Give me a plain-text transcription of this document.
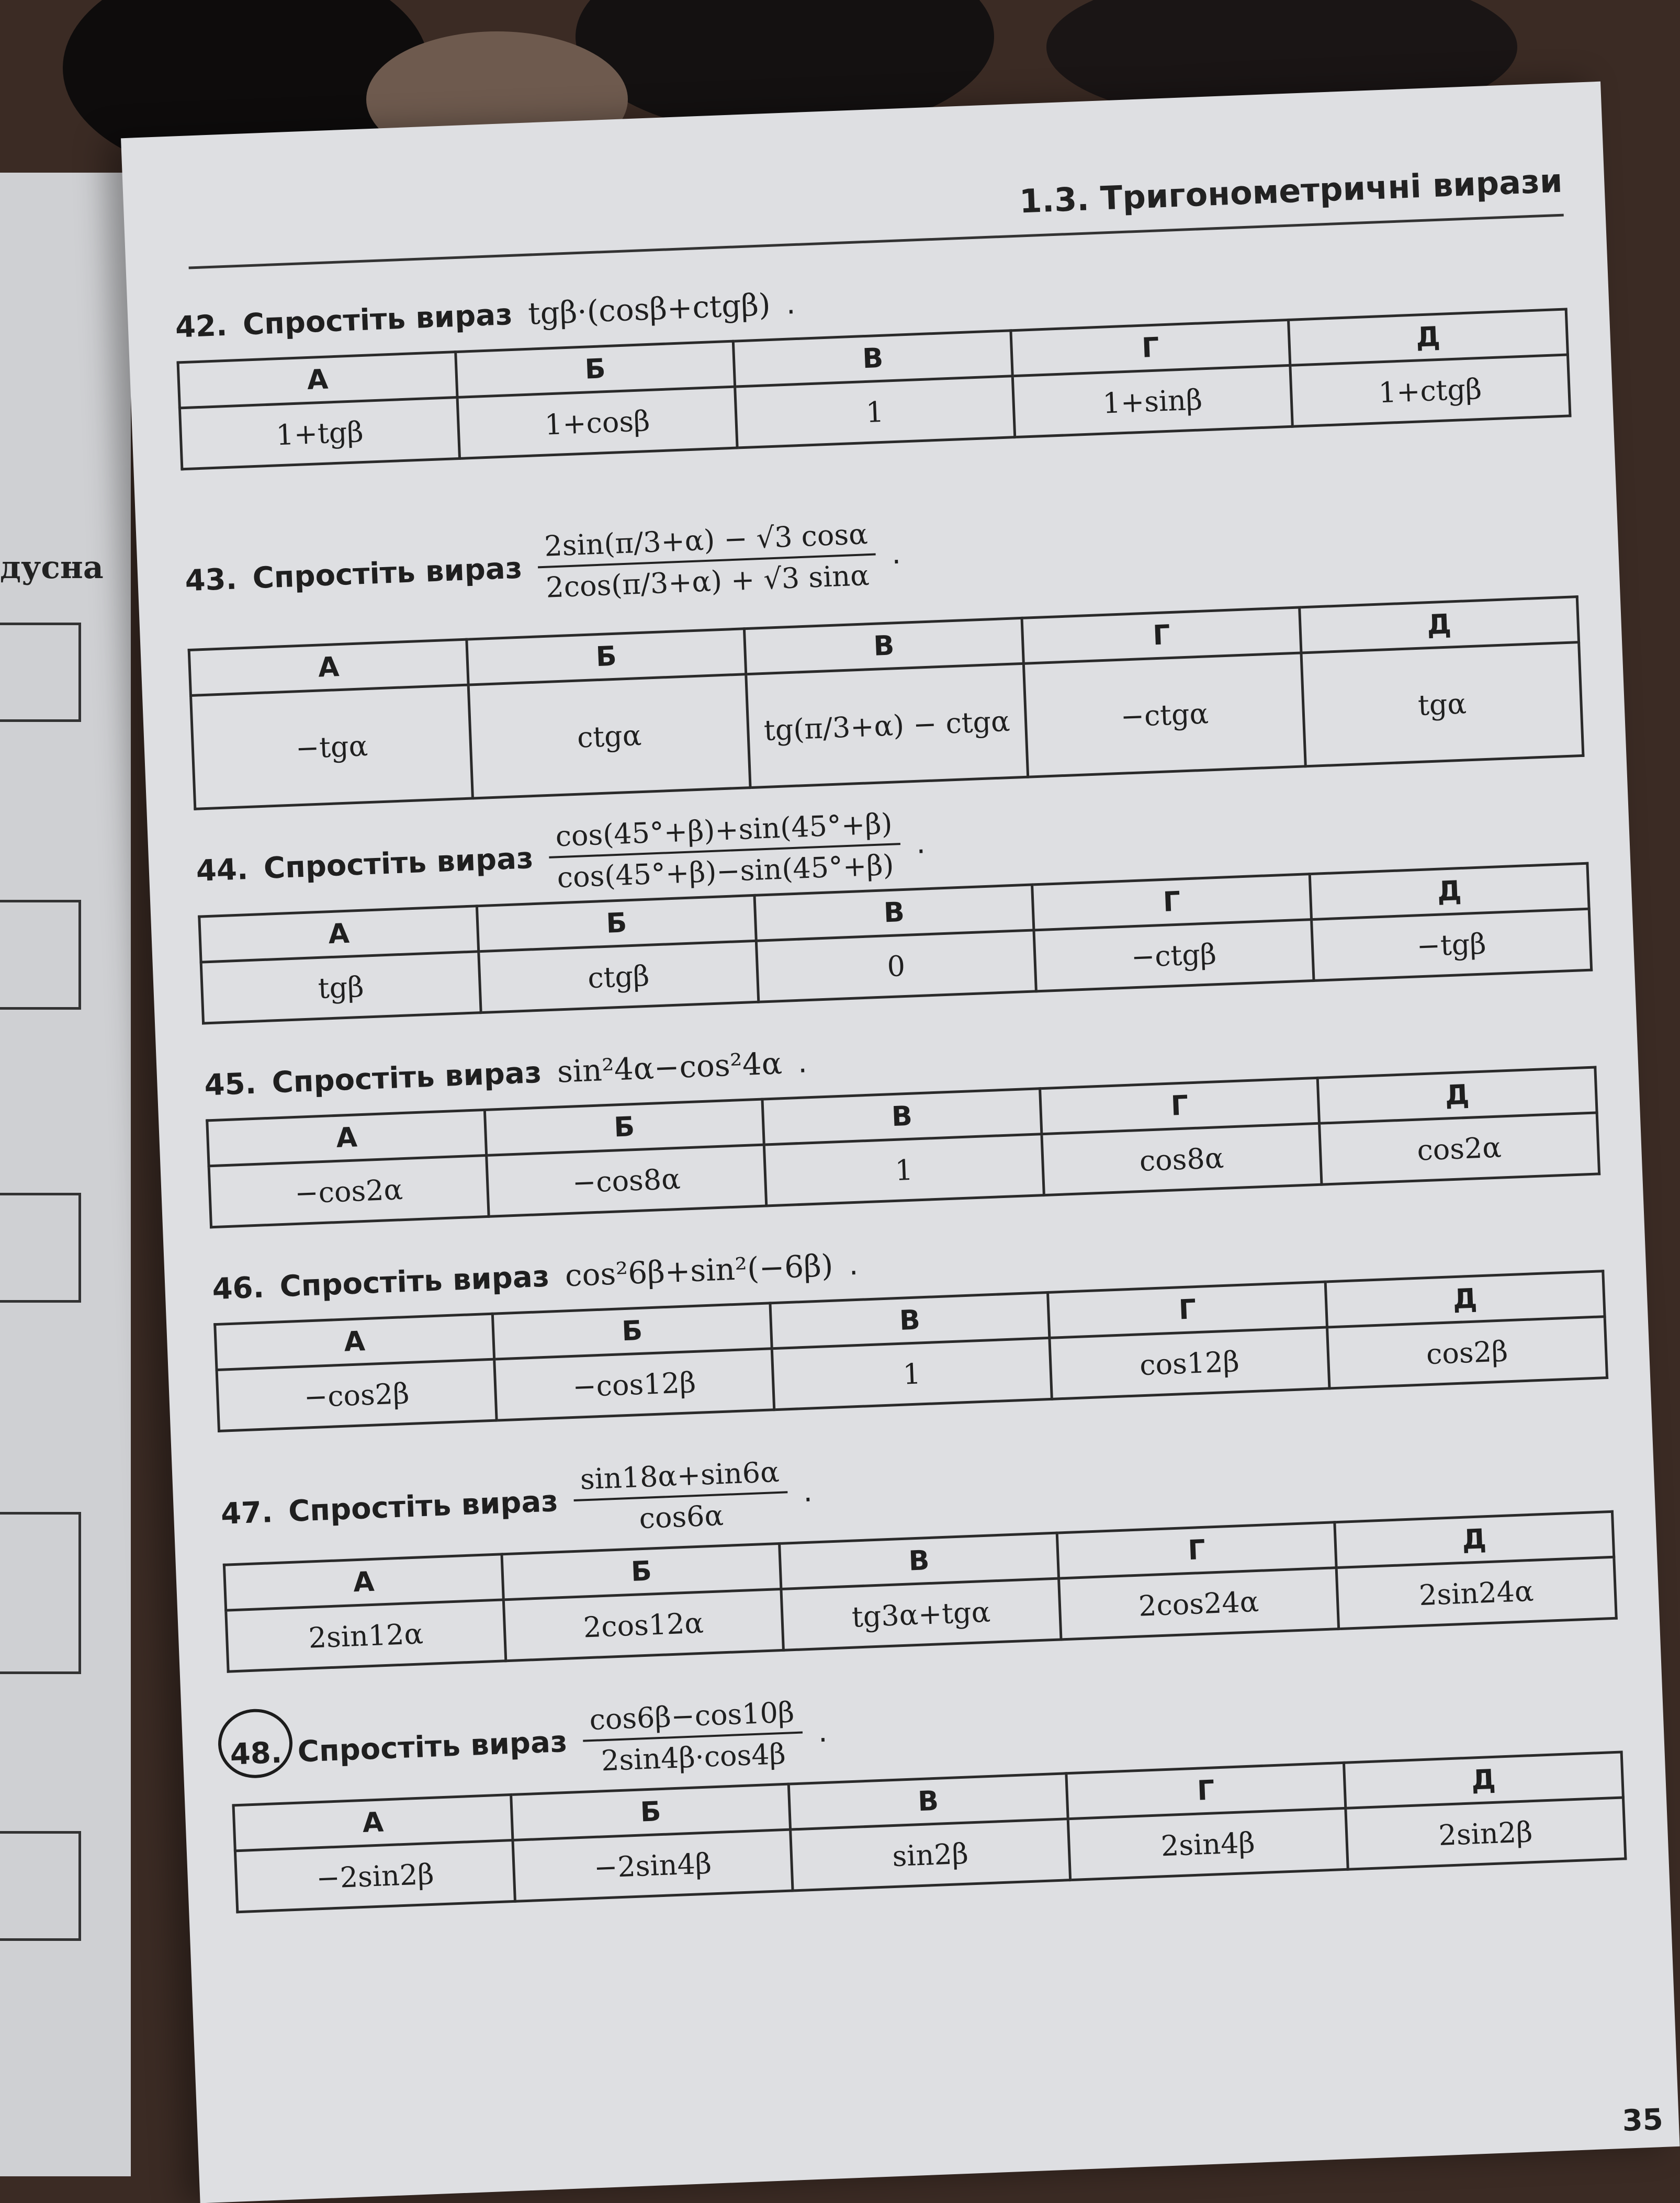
дусна
1.3. Тригонометричні вирази
42. Спростіть вираз tgβ·(cosβ+ctgβ) .
А	Б	В	Г	Д
1+tgβ	1+cosβ	1	1+sinβ	1+ctgβ
43. Спростіть вираз
2sin(π/3+α) − √3 cosα
2cos(π/3+α) + √3 sinα
.
А	Б	В	Г	Д
−tgα	ctgα	tg(π/3+α) − ctgα	−ctgα	tgα
44. Спростіть вираз
cos(45°+β)+sin(45°+β)
cos(45°+β)−sin(45°+β)
.
А	Б	В	Г	Д
tgβ	ctgβ	0	−ctgβ	−tgβ
45. Спростіть вираз sin²4α−cos²4α .
А	Б	В	Г	Д
−cos2α	−cos8α	1	cos8α	cos2α
46. Спростіть вираз cos²6β+sin²(−6β) .
А	Б	В	Г	Д
−cos2β	−cos12β	1	cos12β	cos2β
47. Спростіть вираз $\frac{\sin 18\alpha+\sin 6\alpha}{\cos 6\alpha}$ .
А	Б	В	Г	Д
2sin12α	2cos12α	tg3α+tgα	2cos24α	2sin24α
48. Спростіть вираз $\frac{\cos 6\beta-\cos 10\beta}{2\sin 4\beta\cdot\cos 4\beta}$ .
А	Б	В	Г	Д
−2sin2β	−2sin4β	sin2β	2sin4β	2sin2β
35
